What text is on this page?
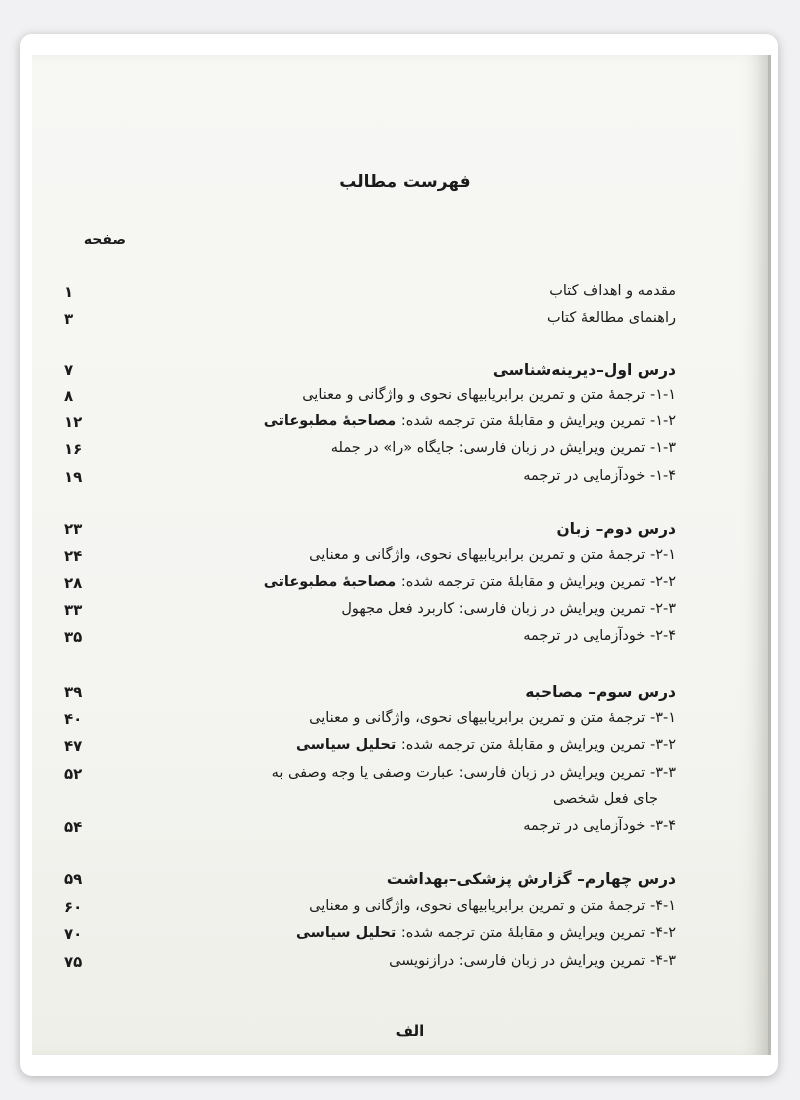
فهرست مطالب
صفحه
مقدمه و اهداف کتاب
۱
راهنمای مطالعهٔ کتاب
۳
درس اول–دیرینه‌شناسی
۷
۱-۱- ترجمهٔ متن و تمرین برابریابیهای نحوی و واژگانی و معنایی
۸
۱-۲- تمرین ویرایش و مقابلهٔ متن ترجمه شده: مصاحبهٔ مطبوعاتی
۱۲
۱-۳- تمرین ویرایش در زبان فارسی: جایگاه «را» در جمله
۱۶
۱-۴- خودآزمایی در ترجمه
۱۹
درس دوم– زبان
۲۳
۲-۱- ترجمهٔ متن و تمرین برابریابیهای نحوی، واژگانی و معنایی
۲۴
۲-۲- تمرین ویرایش و مقابلهٔ متن ترجمه شده: مصاحبهٔ مطبوعاتی
۲۸
۲-۳- تمرین ویرایش در زبان فارسی: کاربرد فعل مجهول
۳۳
۲-۴- خودآزمایی در ترجمه
۳۵
درس سوم– مصاحبه
۳۹
۳-۱- ترجمهٔ متن و تمرین برابریابیهای نحوی، واژگانی و معنایی
۴۰
۳-۲- تمرین ویرایش و مقابلهٔ متن ترجمه شده: تحلیل سیاسی
۴۷
۳-۳- تمرین ویرایش در زبان فارسی: عبارت وصفی یا وجه وصفی به
۵۲
جای فعل شخصی
۳-۴- خودآزمایی در ترجمه
۵۴
درس چهارم– گزارش پزشکی–بهداشت
۵۹
۴-۱- ترجمهٔ متن و تمرین برابریابیهای نحوی، واژگانی و معنایی
۶۰
۴-۲- تمرین ویرایش و مقابلهٔ متن ترجمه شده: تحلیل سیاسی
۷۰
۴-۳- تمرین ویرایش در زبان فارسی: درازنویسی
۷۵
الف
